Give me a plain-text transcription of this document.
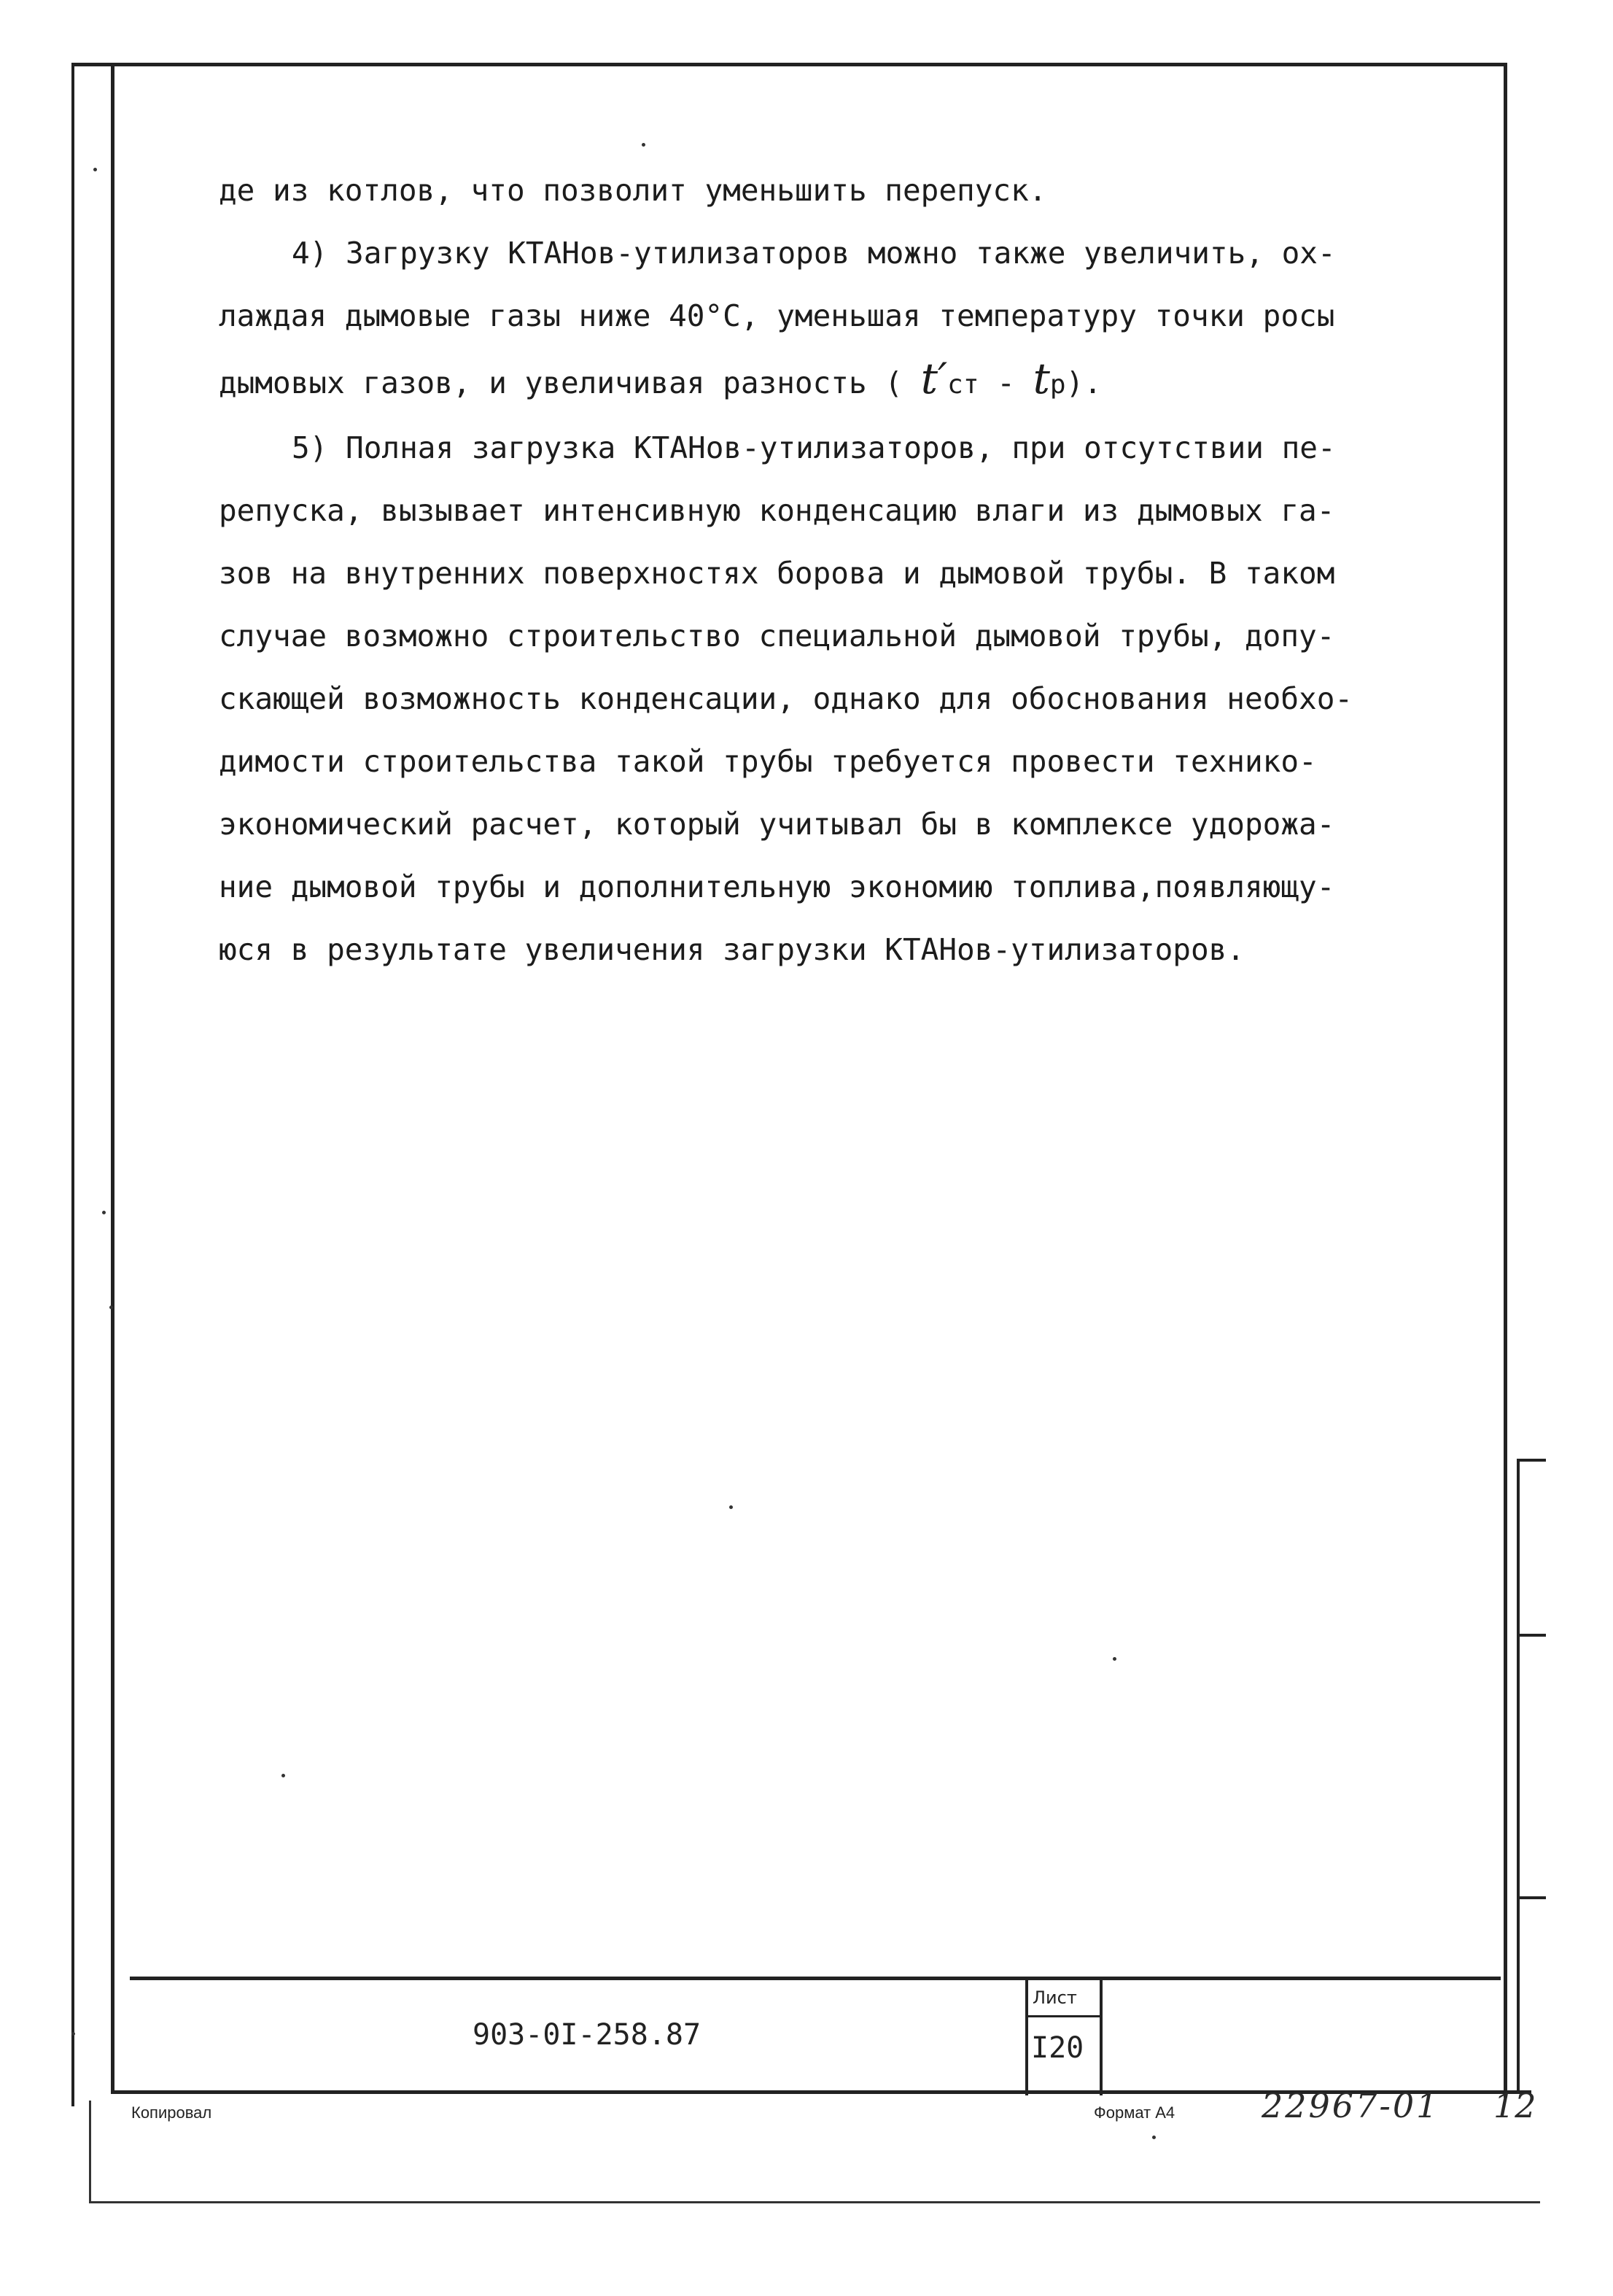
де из котлов, что позволит уменьшить перепуск.
4) Загрузку КТАНов-утилизаторов можно также увеличить, ох-
лаждая дымовые газы ниже 40°С, уменьшая температуру точки росы
дымовых газов, и увеличивая разность ( t′ст - tр).
5) Полная загрузка КТАНов-утилизаторов, при отсутствии пе-
репуска, вызывает интенсивную конденсацию влаги из дымовых га-
зов на внутренних поверхностях борова и дымовой трубы. В таком
случае возможно строительство специальной дымовой трубы, допу-
скающей возможность конденсации, однако для обоснования необхо-
димости строительства такой трубы требуется провести технико-
экономический расчет, который учитывал бы в комплексе удорожа-
ние дымовой трубы и дополнительную экономию топлива,появляющу-
юся в результате увеличения загрузки КТАНов-утилизаторов.
903-0I-258.87
Лист
I20
Копировал	Формат А4	22967-01 12
